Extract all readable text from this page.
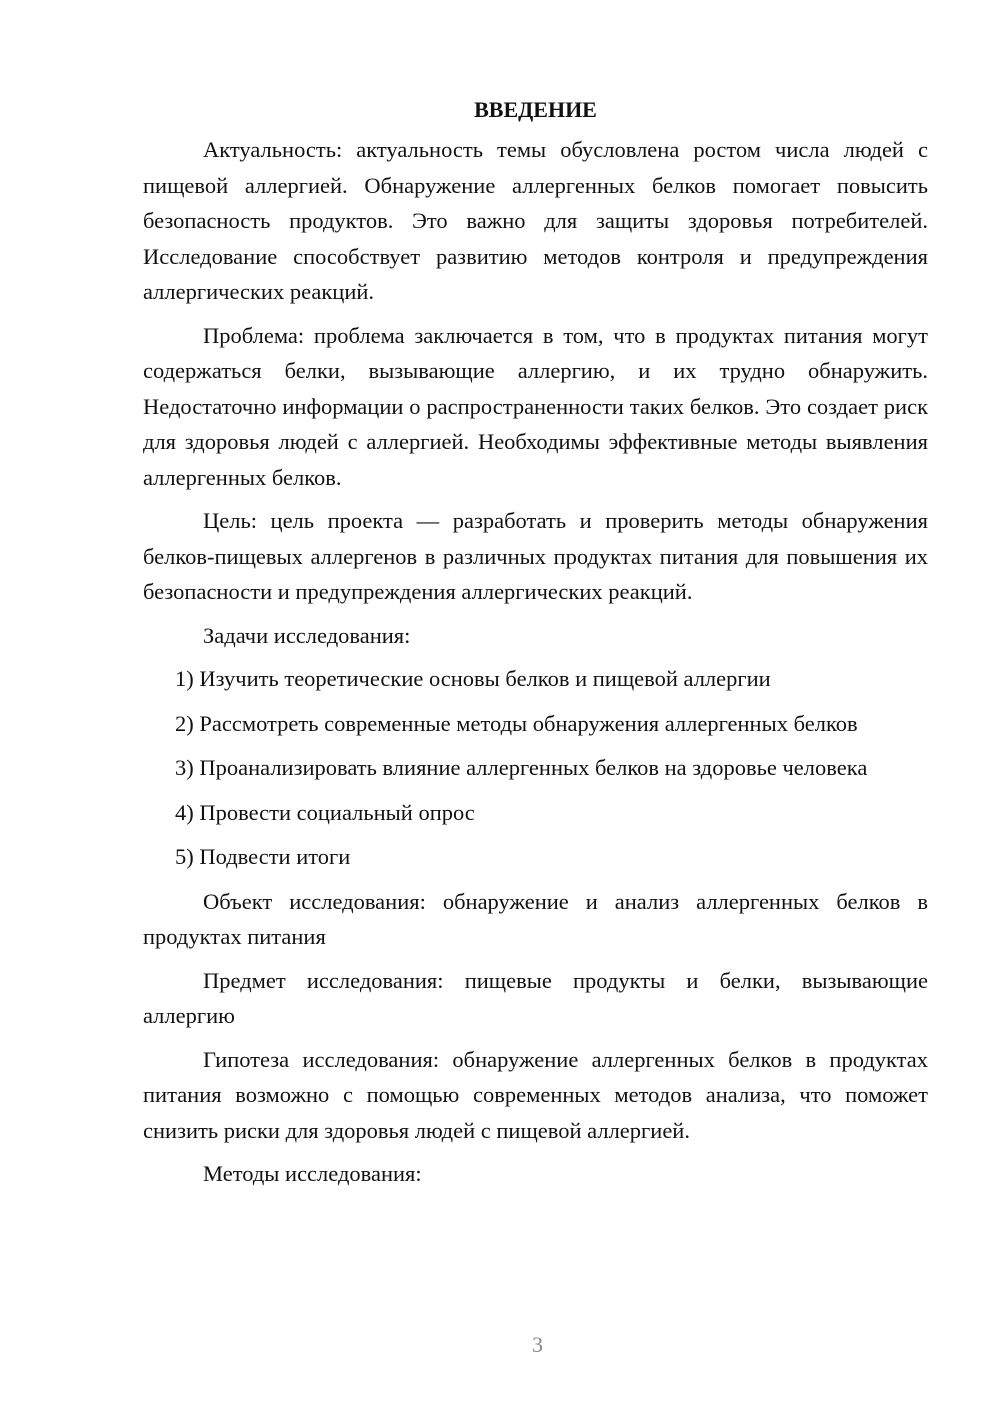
ВВЕДЕНИЕ

Актуальность: актуальность темы обусловлена ростом числа людей с пищевой аллергией. Обнаружение аллергенных белков помогает повысить безопасность продуктов. Это важно для защиты здоровья потребителей. Исследование способствует развитию методов контроля и предупреждения аллергических реакций.

Проблема: проблема заключается в том, что в продуктах питания могут содержаться белки, вызывающие аллергию, и их трудно обнаружить. Недостаточно информации о распространенности таких белков. Это создает риск для здоровья людей с аллергией. Необходимы эффективные методы выявления аллергенных белков.

Цель: цель проекта — разработать и проверить методы обнаружения белков-пищевых аллергенов в различных продуктах питания для повышения их безопасности и предупреждения аллергических реакций.

Задачи исследования:

1) Изучить теоретические основы белков и пищевой аллергии

2) Рассмотреть современные методы обнаружения аллергенных белков

3) Проанализировать влияние аллергенных белков на здоровье человека

4) Провести социальный опрос

5) Подвести итоги

Объект исследования: обнаружение и анализ аллергенных белков в продуктах питания

Предмет исследования: пищевые продукты и белки, вызывающие аллергию

Гипотеза исследования: обнаружение аллергенных белков в продуктах питания возможно с помощью современных методов анализа, что поможет снизить риски для здоровья людей с пищевой аллергией.

Методы исследования:

3
